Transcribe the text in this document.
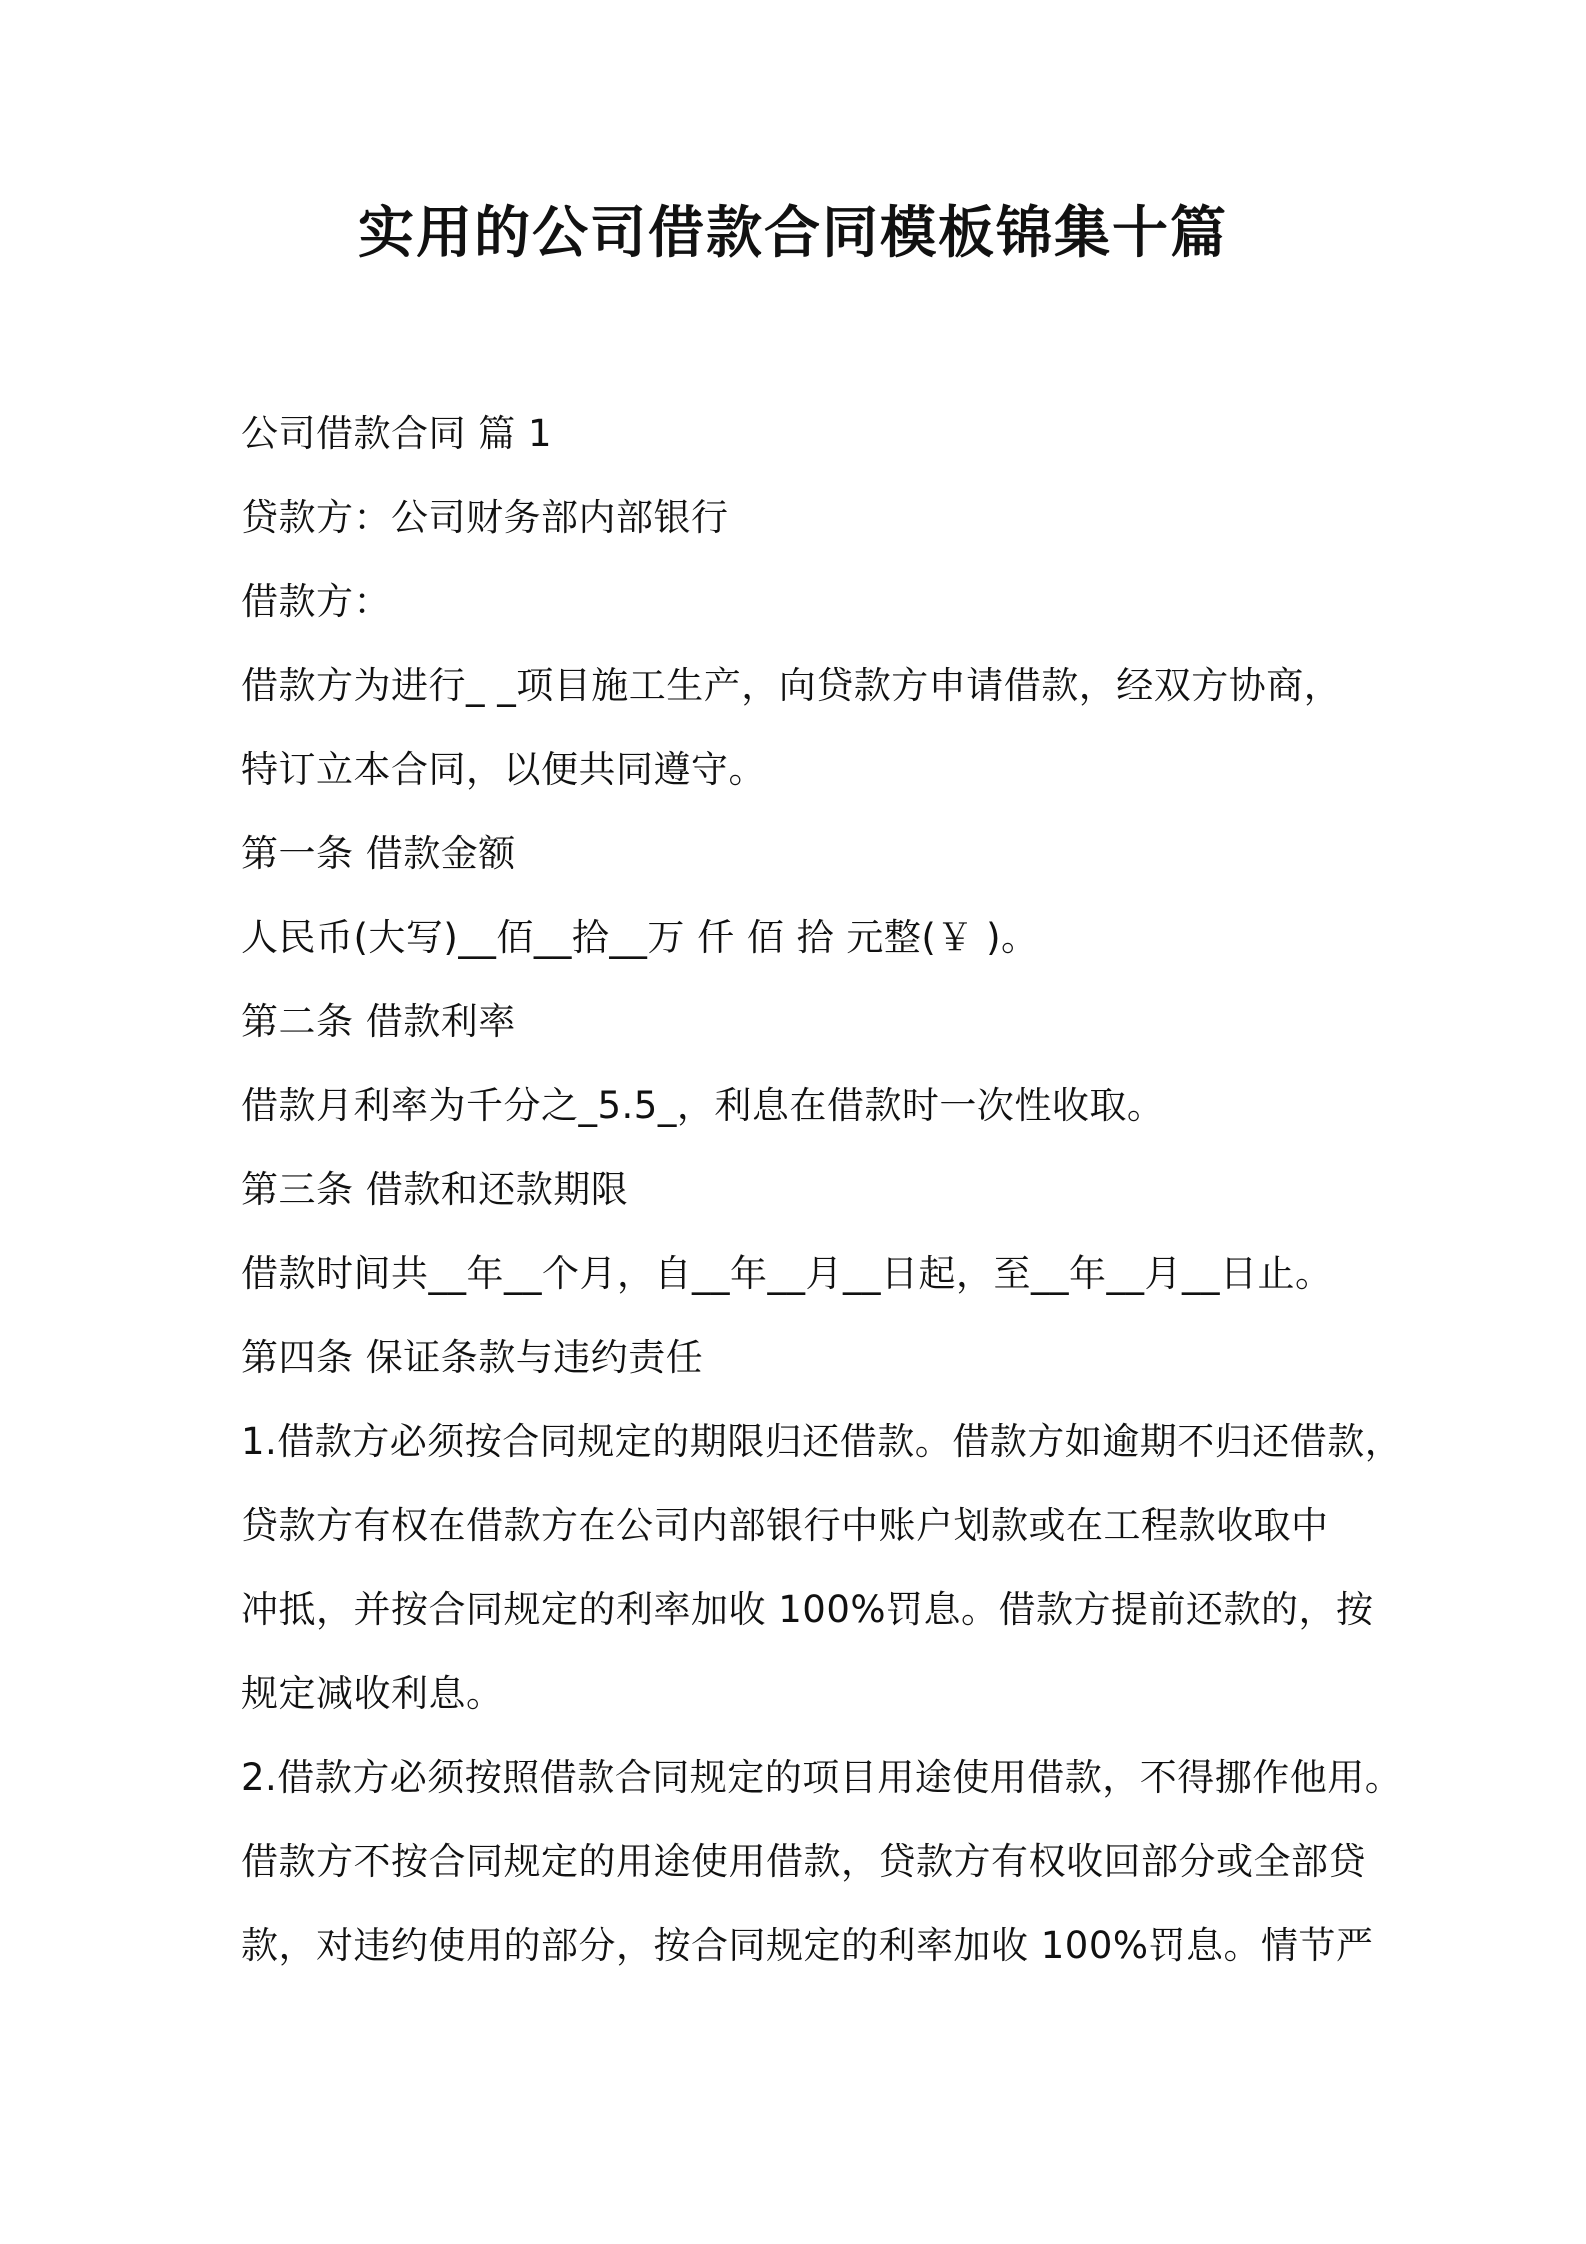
实用的公司借款合同模板锦集十篇
公司借款合同 篇 1
贷款方：公司财务部内部银行
借款方：
借款方为进行_ _项目施工生产，向贷款方申请借款，经双方协商，
特订立本合同，以便共同遵守。
第一条 借款金额
人民币(大写)__佰__拾__万 仟 佰 拾 元整(￥ )。
第二条 借款利率
借款月利率为千分之_5.5_，利息在借款时一次性收取。
第三条 借款和还款期限
借款时间共__年__个月，自__年__月__日起，至__年__月__日止。
第四条 保证条款与违约责任
1.借款方必须按合同规定的期限归还借款。借款方如逾期不归还借款，
贷款方有权在借款方在公司内部银行中账户划款或在工程款收取中
冲抵，并按合同规定的利率加收 100%罚息。借款方提前还款的，按
规定减收利息。
2.借款方必须按照借款合同规定的项目用途使用借款，不得挪作他用。
借款方不按合同规定的用途使用借款，贷款方有权收回部分或全部贷
款，对违约使用的部分，按合同规定的利率加收 100%罚息。情节严
